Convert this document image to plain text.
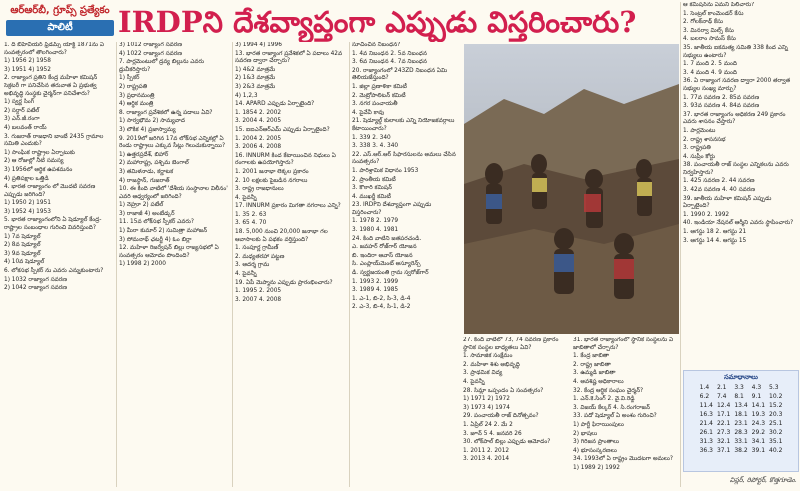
ఆర్‌ఆర్‌బీ, గ్రూప్స్ ప్రత్యేకం
పాలిటీ	IRDPని దేశవ్యాప్తంగా ఎప్పుడు విస్తరించారు?

1. ది బిహేవియర్ ఫ్రీడమ్స్ యాక్ట్ 1871ను ఏ సంవత్సరంలో తొలగించారు?

1) 1956 2) 1958

3) 1951 4) 1952

2. రాజ్యాంగ ప్రతిని కేంద్ర మహిళా కమిషన్ సెక్రటరీ గా పనిచేసిన తరువాత ఏ ప్రభుత్వ అభివృద్ధి సంస్థకు చైర్మన్‌గా పనిచేశారు?

1) స్వర్ణ సింగ్

2) సర్దార్ పటేల్

3) ఎన్.జీ.రంగా

4) బలవంత్ రాయ్

3. గుజరాత్ రాజధాని బాంబే 2435 గ్రామాల సమితి ఎందుకు?

1) సాంఘిక రాష్ట్రాల ఏర్పాటుకు

2) ఆ రోజుల్లో నీటి సమస్య

3) 1956లో ఆర్థిక ఉపశమనం

4) ప్రతిపక్షాల ఒత్తిడి

4. భారత రాజ్యాంగం లో మొదటి సవరణ ఎప్పుడు జరిగింది?

1) 1950 2) 1951

3) 1952 4) 1953

5. భారత రాజ్యాంగంలోని ఏ షెడ్యూల్ కేంద్ర-రాష్ట్రాల సంబంధాల గురించి వివరిస్తుంది?

1) 7వ షెడ్యూల్

2) 8వ షెడ్యూల్

3) 9వ షెడ్యూల్

4) 10వ షెడ్యూల్

6. లోకసభ స్పీకర్ ను ఎవరు ఎన్నుకుంటారు?

1) 1032 రాజ్యాంగ సవరణ

2) 1042 రాజ్యాంగ సవరణ

3) 1012 రాజ్యాంగ సవరణ

4) 1022 రాజ్యాంగ సవరణ

7. పార్లమెంటులో ద్రవ్య బిల్లును ఎవరు ధ్రువీకరిస్తారు?

1) స్పీకర్

2) రాష్ట్రపతి

3) ప్రధానమంత్రి

4) ఆర్థిక మంత్రి

8. రాజ్యాంగ ప్రవేశికలో ఉన్న పదాలు ఏవి?

1) సార్వభౌమ 2) సామ్యవాద

3) లౌకిక 4) ప్రజాస్వామ్య

9. 2019లో జరిగిన 17వ లోక్‌సభ ఎన్నికల్లో ఏ రెండు రాష్ట్రాలు ఎక్కువ సీట్లు గెలుచుకున్నాయి?

1) ఉత్తరప్రదేశ్, బిహార్

2) మహారాష్ట్ర, పశ్చిమ బెంగాల్

3) తమిళనాడు, కర్ణాటక

4) రాజస్థాన్, గుజరాత్

10. ఈ కింది వాటిలో 'దేశీయ సంస్థానాల విలీనం' ఎవరి ఆధ్వర్యంలో జరిగింది?

1) నెహ్రూ 2) పటేల్

3) రాజాజీ 4) అంబేడ్కర్

11. 15వ లోక్‌సభ స్పీకర్ ఎవరు?

1) మీరా కుమార్ 2) సుమిత్రా మహాజన్

3) సోమనాథ్ ఛటర్జీ 4) ఓం బిర్లా

12. మహిళా రిజర్వేషన్ బిల్లు రాజ్యసభలో ఏ సంవత్సరం ఆమోదం పొందింది?

1) 1998 2) 2000

3) 1994 4) 1996

13. భారత రాజ్యాంగ ప్రవేశికలో ఏ పదాలు 42వ సవరణ ద్వారా చేర్చారు?

1) 4&2 మాత్రమే

2) 1&3 మాత్రమే

3) 2&3 మాత్రమే

4) 1,2,3

14. APARD ఎప్పుడు ఏర్పాటైంది?

1. 1854 2. 2002

3. 2004 4. 2005

15. ఐఐఎన్‌ఆర్ఎమ్ ఎప్పుడు ఏర్పాటైంది?

1. 2004 2. 2005

3. 2006 4. 2008

16. INNURM కింద కేటాయించిన నిధులు ఏ రంగాలకు ఉపయోగిస్తారు?

1. 2001 జనాభా లెక్కల ప్రకారం

2. 10 లక్షలకు పైబడిన నగరాలు

3. రాష్ట్ర రాజధానులు

4. పైవన్నీ

17. INNURM ప్రకారం మిగతా నగరాలు ఎన్ని?

1. 35 2. 63

3. 65 4. 70

18. 5,000 నుంచి 20,000 జనాభా గల ఆవాసాలకు ఏ పథకం వర్తిస్తుంది?

1. సంపూర్ణ గ్రామీణ్

2. మధ్యతరహా పట్టణ

3. ఆదర్శ గ్రామ

4. పైవన్నీ

19. ఏపీ మెప్మాను ఎప్పుడు ప్రారంభించారు?

1. 1995 2. 2005

3. 2007 4. 2008

సూచించిన నిబంధన?

1. 4వ నిబంధన 2. 5వ నిబంధన

3. 6వ నిబంధన 4. 7వ నిబంధన

20. రాజ్యాంగంలో 243ZD నిబంధన ఏమి తెలియజేస్తుంది?

1. జిల్లా ప్రణాళికా కమిటీ

2. మెట్రోపాలిటన్ కమిటీ

3. నగర పంచాయతీ

4. పైవేవీ కావు

21. షెడ్యూల్డ్ కులాలకు ఎన్ని నియోజకవర్గాలు కేటాయించారు?

1. 339 2. 340

3. 338 3. 4. 340

22. ఎస్.ఆర్.ఆర్ సిఫారసులను అమలు చేసిన సంవత్సరం?

1. పారిశ్రామిక విధానం 1953

2. ప్రాంతీయ కమిటీ

3. కొఠారి కమిషన్

4. ముఖర్జీ కమిటీ

23. IRDPని దేశవ్యాప్తంగా ఎప్పుడు విస్తరించారు?

1. 1978 2. 1979

3. 1980 4. 1981

24. కింది వాటిని జతపరచండి.

ఎ. జవహర్ రోజ్‌గార్ యోజన

బి. ఇందిరా ఆవాస్ యోజన

సి. ఎంప్లాయ్‌మెంట్ అస్యూరెన్స్

డి. స్వర్ణజయంతి గ్రామ స్వరోజ్‌గార్

1. 1993 2. 1999

3. 1989 4. 1985

1. ఎ-1, బి-2, సి-3, డి-4

2. ఎ-3, బి-4, సి-1, డి-2

27. కింది వాటిలో 73, 74 సవరణ ప్రకారం స్థానిక సంస్థల బాధ్యతలు ఏవి?

1. సామాజిక సంక్షేమం

2. మహిళా శిశు అభివృద్ధి

3. ప్రాథమిక విద్య

4. పైవన్నీ

28. సిమ్లా ఒప్పందం ఏ సంవత్సరం?

1) 1971 2) 1972

3) 1973 4) 1974

29. పంచాయతీ రాజ్ దినోత్సవం?

1. ఏప్రిల్ 24 2. మే 2

3. జూన్ 5 4. జనవరి 26

30. లోక్‌పాల్ బిల్లు ఎప్పుడు ఆమోదం?

1. 2011 2. 2012

3. 2013 4. 2014

31. భారత రాజ్యాంగంలో స్థానిక సంస్థలను ఏ జాబితాలో చేర్చారు?

1. కేంద్ర జాబితా

2. రాష్ట్ర జాబితా

3. ఉమ్మడి జాబితా

4. అవశిష్ట అధికారాలు

32. కేంద్ర ఆర్థిక సంఘం చైర్మన్?

1. ఎన్.కె.సింగ్ 2. వై.వి.రెడ్డి

3. విజయ్ కేల్కర్ 4. సి.రంగరాజన్

33. పదో షెడ్యూల్ ఏ అంశం గురించి?

1) పార్టీ ఫిరాయింపులు

2) భాషలు

3) గిరిజన ప్రాంతాలు

4) భూసంస్కరణలు

34. 1993లో ఏ రాష్ట్రం మొదటగా అమలు?

1) 1989 2) 1992

ఆ కమిషన్‌ను ఏమని పిలిచారు?

1. సెంట్రల్ కాంమెండర్ కేసు

2. గోలక్‌నాథ్ కేసు

3. మినర్వా మిల్స్ కేసు

4. బలరాం సామస్ కేసు

35. జాతీయ ఐకమత్య సమితి 338 కింద ఎన్ని సభ్యులు ఉంటారు?

1. 7 మంది 2. 5 మంది

3. 4 మంది 4. 9 మంది

36. ఏ రాజ్యాంగ సవరణ ద్వారా 2000 తర్వాత సభ్యుల సంఖ్య మార్పు?

1. 77వ సవరణ 2. 85వ సవరణ

3. 93వ సవరణ 4. 84వ సవరణ

37. భారత రాజ్యాంగం అధికరణ 249 ప్రకారం ఎవరు శాసనం చేస్తారు?

1. పార్లమెంటు

2. రాష్ట్ర శాసనసభ

3. రాష్ట్రపతి

4. సుప్రీం కోర్టు

38. పంచాయతీ రాజ్ సంస్థల ఎన్నికలను ఎవరు నిర్వహిస్తారు?

1. 425 సవరణ 2. 44 సవరణ

3. 42వ సవరణ 4. 40 సవరణ

39. జాతీయ మహిళా కమిషన్ ఎప్పుడు ఏర్పాటైంది?

1. 1990 2. 1992

40. ఇండియా నేషనల్ ఆర్మీని ఎవరు స్థాపించారు?

1. ఆగస్టు 18 2. ఆగస్టు 21

3. ఆగస్టు 14 4. ఆగస్టు 15

సమాధానాలు
1.4	2.1	3.3	4.3	5.3
6.2	7.4	8.1	9.1	10.2
11.4	12.4	13.4	14.1	15.2
16.3	17.1	18.1	19.3	20.3
21.4	22.1	23.1	24.3	25.1
26.1	27.3	28.3	29.2	30.2
31.3	32.1	33.1	34.1	35.1
36.3	37.1	38.2	39.1	40.2
విస్లర్, రిపోర్టర్, కొత్తగూడెం.
